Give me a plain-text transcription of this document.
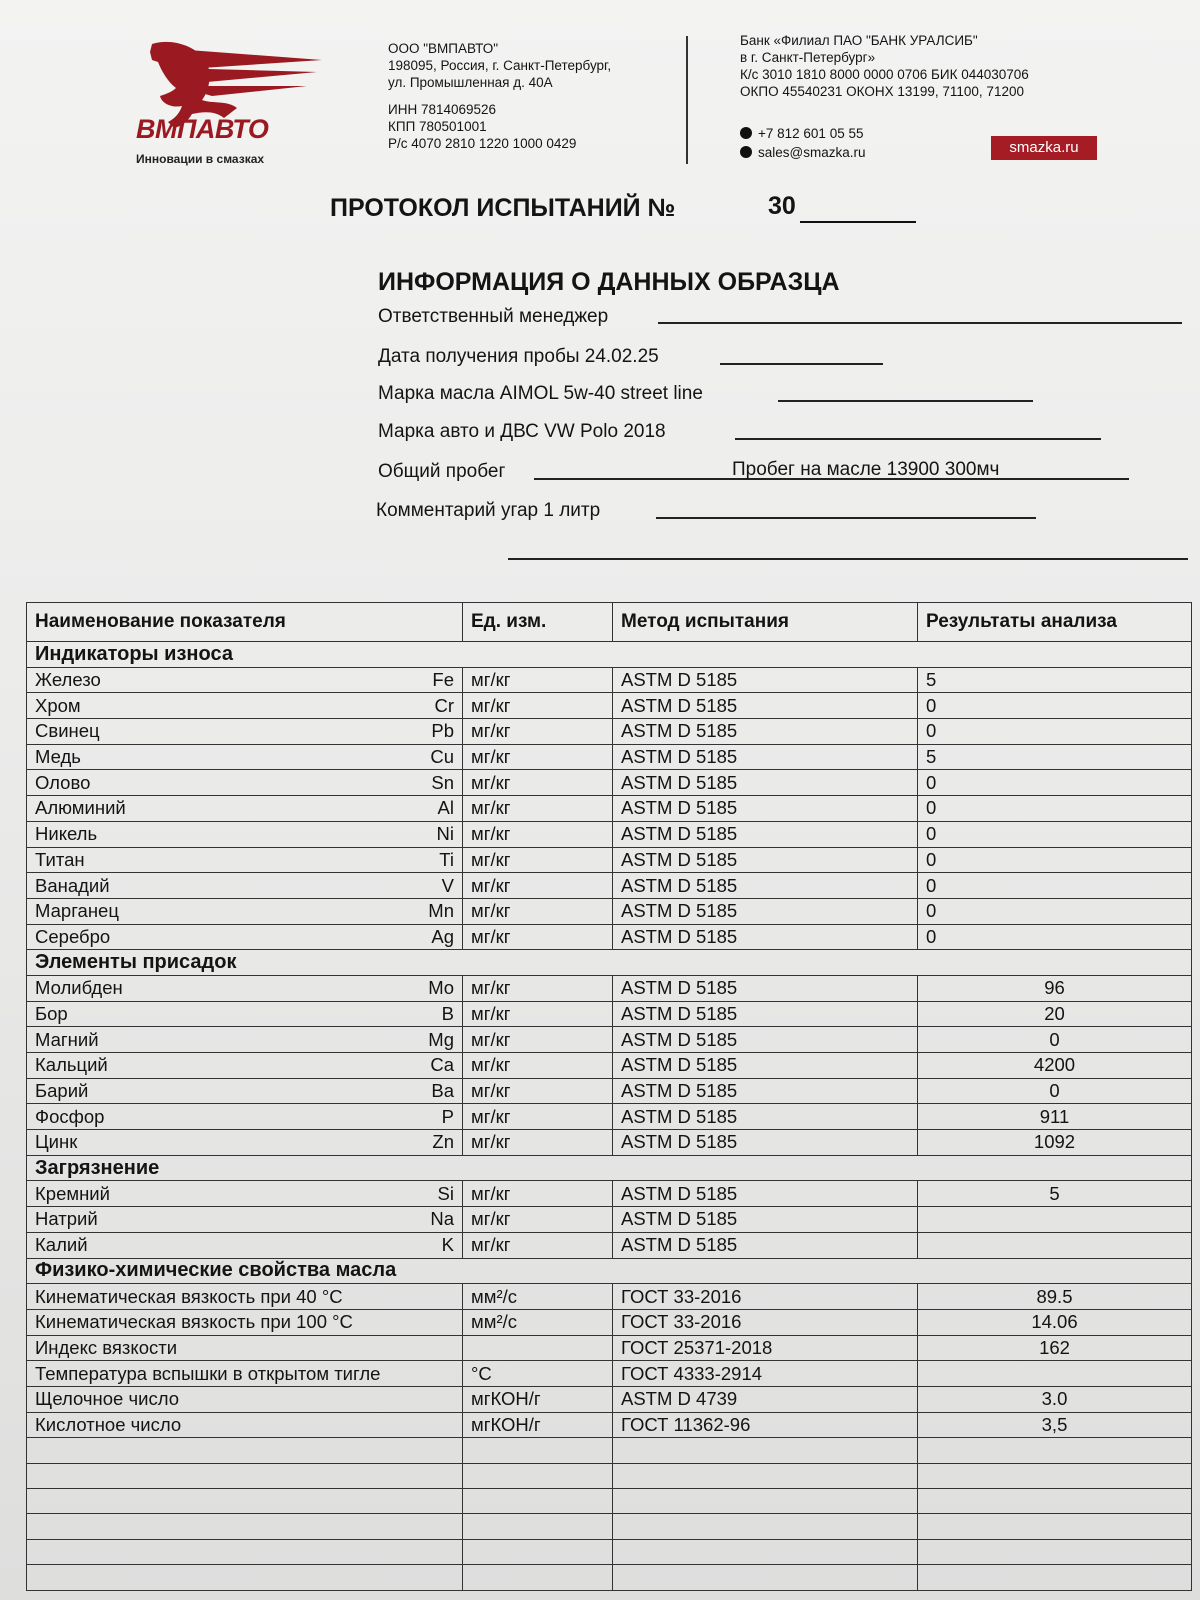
ВМПАВТО
Инновации в смазках
ООО "ВМПАВТО"
198095, Россия, г. Санкт-Петербург,
ул. Промышленная д. 40А
ИНН 7814069526
КПП 780501001
Р/с 4070 2810 1220 1000 0429
Банк «Филиал ПАО "БАНК УРАЛСИБ"
в г. Санкт-Петербург»
К/с 3010 1810 8000 0000 0706 БИК 044030706
ОКПО 45540231 ОКОНХ 13199, 71100, 71200
+7 812 601 05 55
sales@smazka.ru	smazka.ru
ПРОТОКОЛ ИСПЫТАНИЙ №	30
ИНФОРМАЦИЯ О ДАННЫХ ОБРАЗЦА
Ответственный менеджер
Дата получения пробы 24.02.25
Марка масла AIMOL 5w-40 street line
Марка авто и ДВС VW Polo 2018
Общий пробег	Пробег на масле 13900 300мч
Комментарий угар 1 литр
Наименование показателя	Ед. изм.	Метод испытания	Результаты анализа
Индикаторы износа			

Железо Fe	мг/кг	ASTM D 5185	5

Хром Cr	мг/кг	ASTM D 5185	0

Свинец Pb	мг/кг	ASTM D 5185	0

Медь Cu	мг/кг	ASTM D 5185	5

Олово Sn	мг/кг	ASTM D 5185	0

Алюминий Al	мг/кг	ASTM D 5185	0

Никель Ni	мг/кг	ASTM D 5185	0

Титан Ti	мг/кг	ASTM D 5185	0

Ванадий V	мг/кг	ASTM D 5185	0

Марганец Mn	мг/кг	ASTM D 5185	0

Серебро Ag	мг/кг	ASTM D 5185	0
Элементы присадок			

Молибден Mo	мг/кг	ASTM D 5185	96

Бор B	мг/кг	ASTM D 5185	20

Магний Mg	мг/кг	ASTM D 5185	0

Кальций Ca	мг/кг	ASTM D 5185	4200

Барий Ba	мг/кг	ASTM D 5185	0

Фосфор P	мг/кг	ASTM D 5185	911

Цинк Zn	мг/кг	ASTM D 5185	1092
Загрязнение			

Кремний Si	мг/кг	ASTM D 5185	5

Натрий Na	мг/кг	ASTM D 5185	

Калий K	мг/кг	ASTM D 5185	
Физико-химические свойства масла			

Кинематическая вязкость при 40 °С	мм²/с	ГОСТ 33-2016	89.5

Кинематическая вязкость при 100 °С	мм²/с	ГОСТ 33-2016	14.06

Индекс вязкости		ГОСТ 25371-2018	162

Температура вспышки в открытом тигле	°С	ГОСТ 4333-2914	

Щелочное число	мгКОН/г	ASTM D 4739	3.0

Кислотное число	мгКОН/г	ГОСТ 11362-96	3,5
